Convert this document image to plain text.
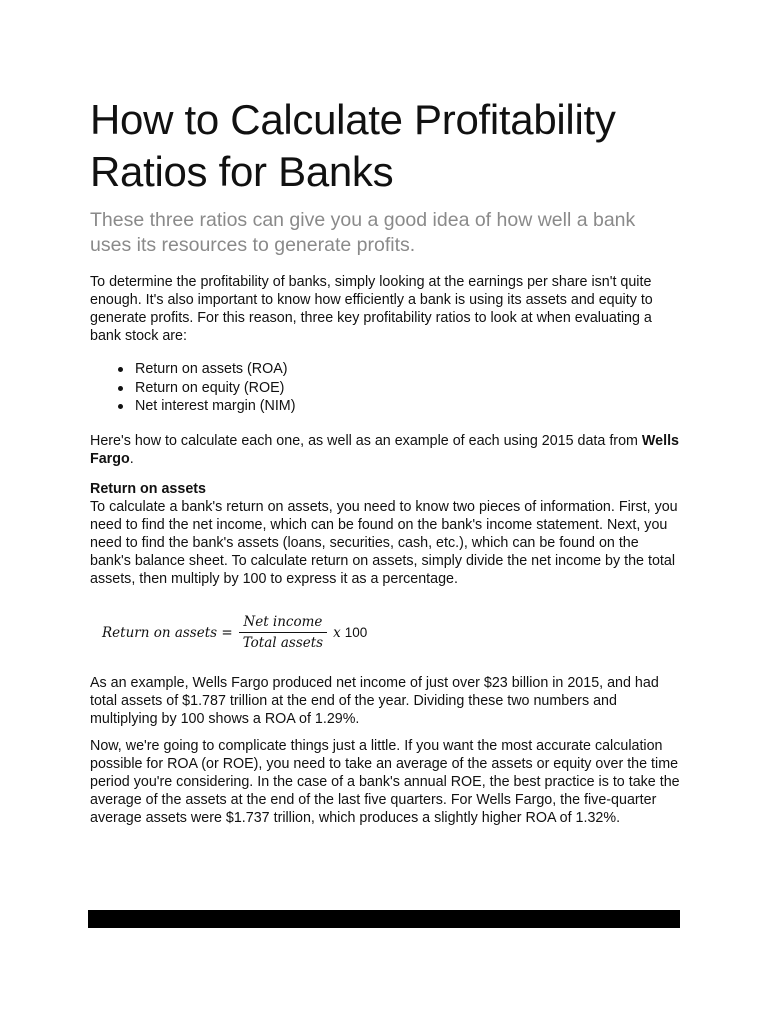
How to Calculate Profitability Ratios for Banks
These three ratios can give you a good idea of how well a bank uses its resources to generate profits.

To determine the profitability of banks, simply looking at the earnings per share isn't quite enough. It's also important to know how efficiently a bank is using its assets and equity to generate profits. For this reason, three key profitability ratios to look at when evaluating a bank stock are:

Return on assets (ROA)
Return on equity (ROE)
Net interest margin (NIM)

Here's how to calculate each one, as well as an example of each using 2015 data from Wells Fargo.

Return on assets

To calculate a bank's return on assets, you need to know two pieces of information. First, you need to find the net income, which can be found on the bank's income statement. Next, you need to find the bank's assets (loans, securities, cash, etc.), which can be found on the bank's balance sheet. To calculate return on assets, simply divide the net income by the total assets, then multiply by 100 to express it as a percentage.

Return on assets = $\frac{\text{Net income}}{\text{Total assets}}$ x 100

As an example, Wells Fargo produced net income of just over $23 billion in 2015, and had total assets of $1.787 trillion at the end of the year. Dividing these two numbers and multiplying by 100 shows a ROA of 1.29%.

Now, we're going to complicate things just a little. If you want the most accurate calculation possible for ROA (or ROE), you need to take an average of the assets or equity over the time period you're considering. In the case of a bank's annual ROE, the best practice is to take the average of the assets at the end of the last five quarters. For Wells Fargo, the five-quarter average assets were $1.737 trillion, which produces a slightly higher ROA of 1.32%.
